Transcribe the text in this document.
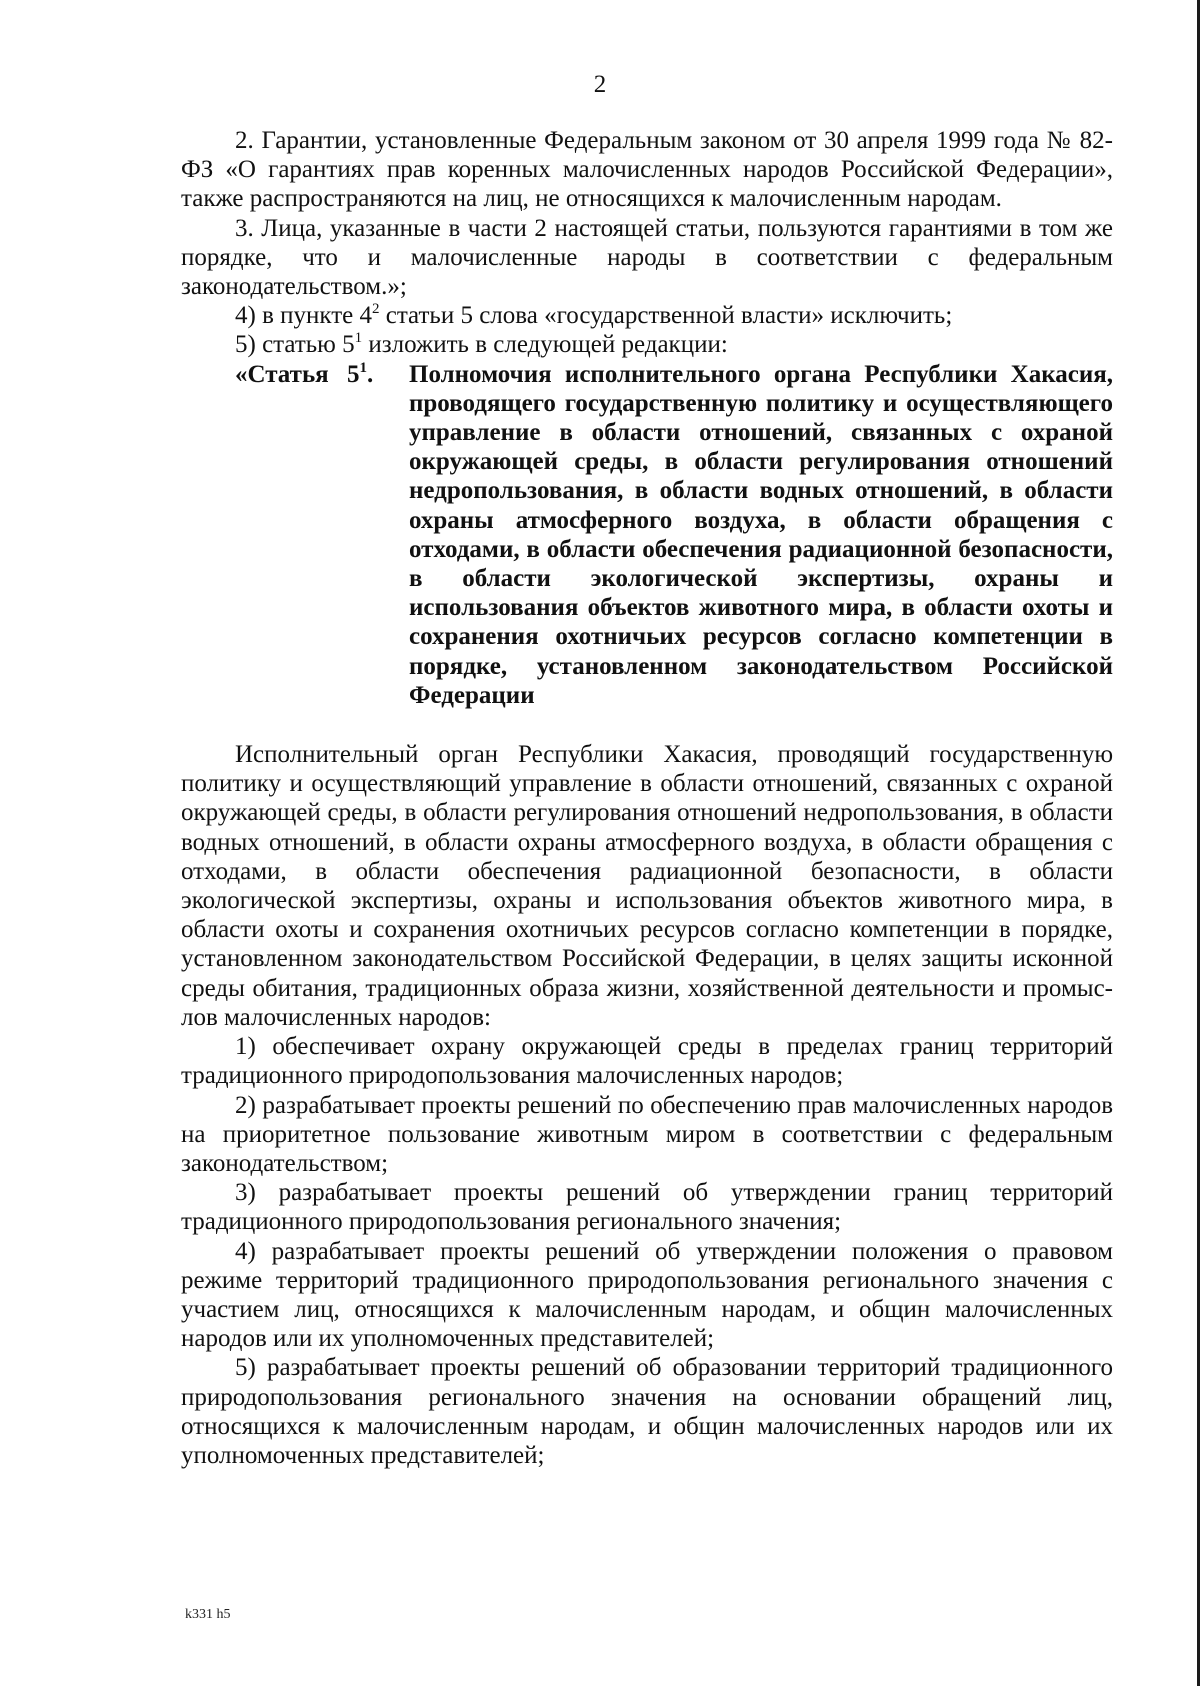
2

2. Гарантии, установленные Федеральным законом от 30 апреля 1999 года № 82-ФЗ «О гарантиях прав коренных малочисленных народов Российской Федерации», также распространяются на лиц, не относящихся к малочисленным народам.

3. Лица, указанные в части 2 настоящей статьи, пользуются гарантиями в том же порядке, что и малочисленные народы в соответствии с федеральным законодательством.»;

4) в пункте $4^2$ статьи 5 слова «государственной власти» исключить;

5) статью $5^1$ изложить в следующей редакции:

«Статья $5^1$.	Полномочия исполнительного органа Республики Хакасия, проводящего государственную политику и осуществляющего управление в области отношений, связанных с охраной окружающей среды, в области регулирования отношений недропользования, в области водных отношений, в области охраны атмосферного воздуха, в области обращения с отходами, в области обеспечения радиационной безопасности, в области экологической экспертизы, охраны и использования объектов животного мира, в области охоты и сохранения охотничьих ресурсов согласно компетенции в порядке, установленном законодательством Российской Федерации

Исполнительный орган Республики Хакасия, проводящий государственную политику и осуществляющий управление в области отношений, связанных с охраной окружающей среды, в области регулирования отношений недропользования, в области водных отношений, в области охраны атмосферного воздуха, в области обращения с отходами, в области обеспечения радиационной безопасности, в области экологической экспертизы, охраны и использования объектов животного мира, в области охоты и сохранения охотничьих ресурсов согласно компетенции в порядке, установленном законодательством Российской Федерации, в целях защиты исконной среды обитания, традиционных образа жизни, хозяйственной деятельности и промыслов малочисленных народов:

1) обеспечивает охрану окружающей среды в пределах границ территорий традиционного природопользования малочисленных народов;

2) разрабатывает проекты решений по обеспечению прав малочисленных народов на приоритетное пользование животным миром в соответствии с федеральным законодательством;

3) разрабатывает проекты решений об утверждении границ территорий традиционного природопользования регионального значения;

4) разрабатывает проекты решений об утверждении положения о правовом режиме территорий традиционного природопользования регионального значения с участием лиц, относящихся к малочисленным народам, и общин малочисленных народов или их уполномоченных представителей;

5) разрабатывает проекты решений об образовании территорий традиционного природопользования регионального значения на основании обращений лиц, относящихся к малочисленным народам, и общин малочисленных народов или их уполномоченных представителей;

k331 h5
